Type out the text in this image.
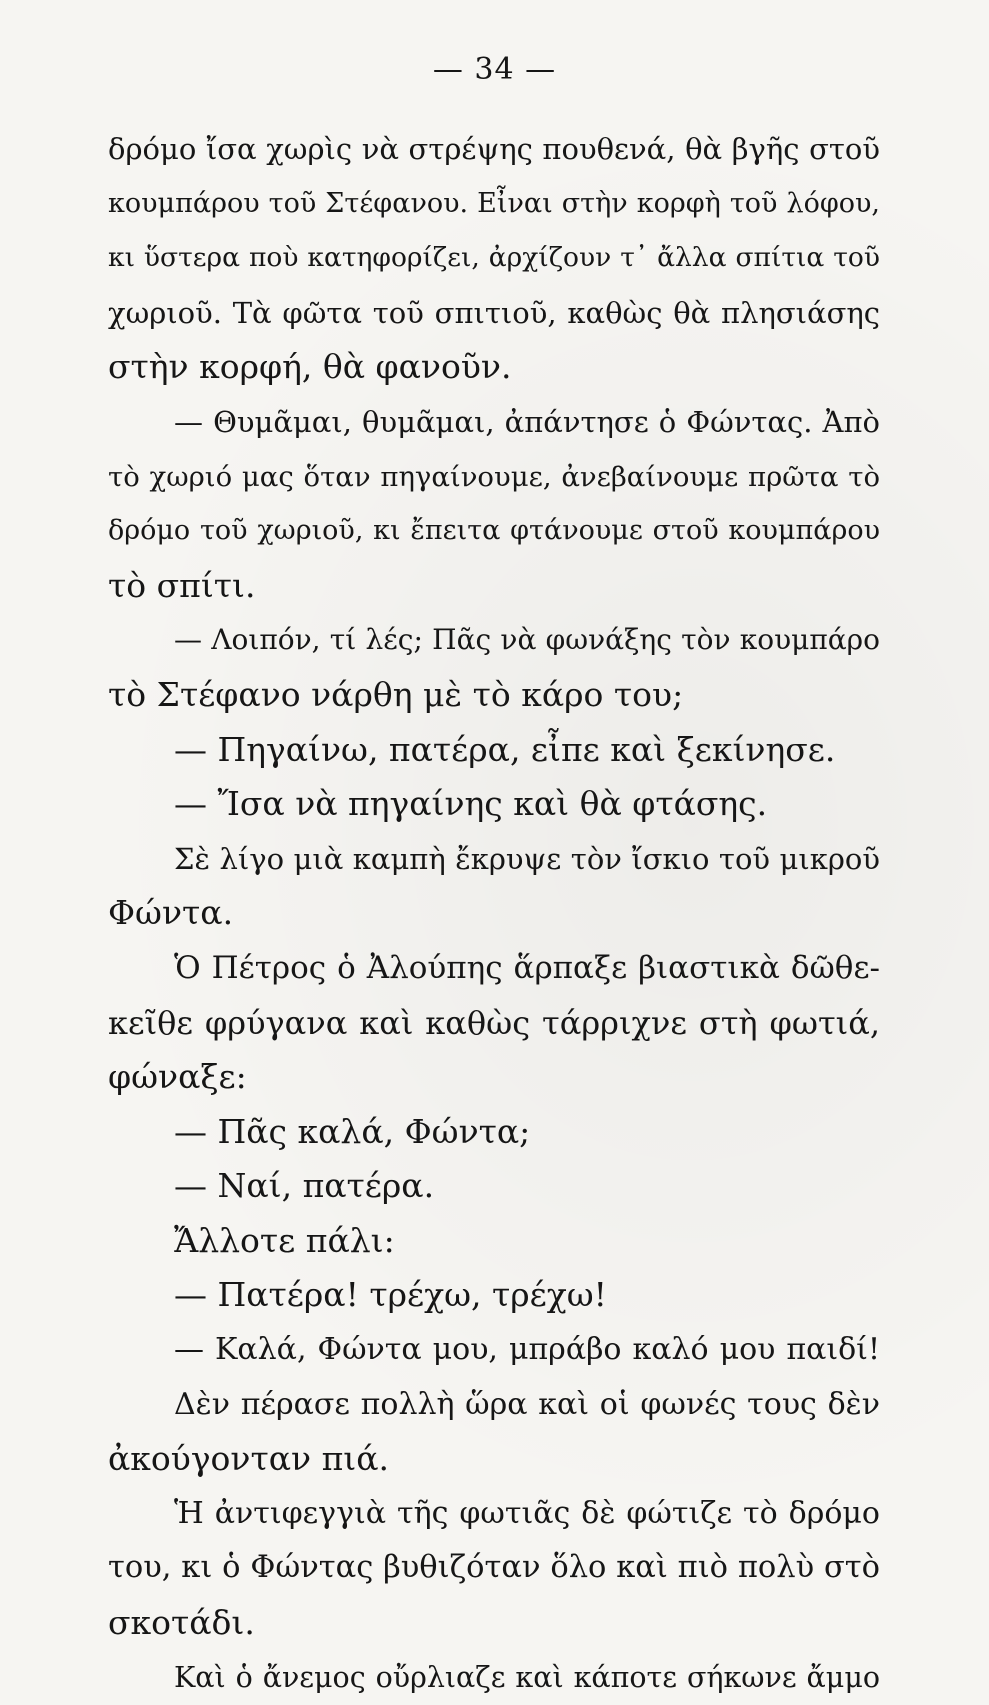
— 34 —
δρόμο ἴσα χωρὶς νὰ στρέψης πουθενά, θὰ βγῆς στοῦ
κουμπάρου τοῦ Στέφανου. Εἶναι στὴν κορφὴ τοῦ λόφου,
κι ὕστερα ποὺ κατηφορίζει, ἀρχίζουν τ᾽ ἄλλα σπίτια τοῦ
χωριοῦ. Τὰ φῶτα τοῦ σπιτιοῦ, καθὼς θὰ πλησιάσης
στὴν κορφή, θὰ φανοῦν.
— Θυμᾶμαι, θυμᾶμαι, ἀπάντησε ὁ Φώντας. Ἀπὸ
τὸ χωριό μας ὅταν πηγαίνουμε, ἀνεβαίνουμε πρῶτα τὸ
δρόμο τοῦ χωριοῦ, κι ἔπειτα φτάνουμε στοῦ κουμπάρου
τὸ σπίτι.
— Λοιπόν, τί λές; Πᾶς νὰ φωνάξης τὸν κουμπάρο
τὸ Στέφανο νάρθη μὲ τὸ κάρο του;
— Πηγαίνω, πατέρα, εἶπε καὶ ξεκίνησε.
— Ἴσα νὰ πηγαίνης καὶ θὰ φτάσης.
Σὲ λίγο μιὰ καμπὴ ἔκρυψε τὸν ἴσκιο τοῦ μικροῦ
Φώντα.
Ὁ Πέτρος ὁ Ἀλούπης ἅρπαξε βιαστικὰ δῶθε-
κεῖθε φρύγανα καὶ καθὼς τάρριχνε στὴ φωτιά,
φώναξε:
— Πᾶς καλά, Φώντα;
— Ναί, πατέρα.
Ἄλλοτε πάλι:
— Πατέρα! τρέχω, τρέχω!
— Καλά, Φώντα μου, μπράβο καλό μου παιδί!
Δὲν πέρασε πολλὴ ὥρα καὶ οἱ φωνές τους δὲν
ἀκούγονταν πιά.
Ἡ ἀντιφεγγιὰ τῆς φωτιᾶς δὲ φώτιζε τὸ δρόμο
του, κι ὁ Φώντας βυθιζόταν ὅλο καὶ πιὸ πολὺ στὸ
σκοτάδι.
Καὶ ὁ ἄνεμος οὔρλιαζε καὶ κάποτε σήκωνε ἄμμο
